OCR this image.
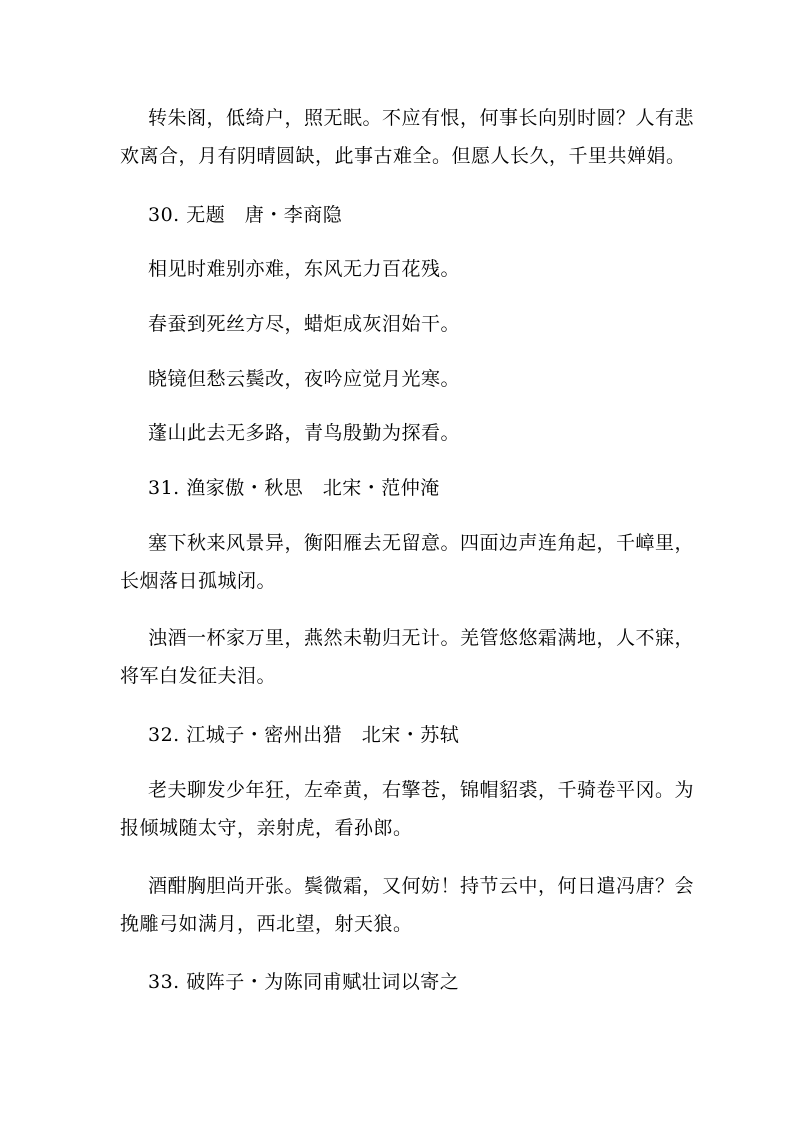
转朱阁，低绮户，照无眠。不应有恨，何事长向别时圆？人有悲
欢离合，月有阴晴圆缺，此事古难全。但愿人长久，千里共婵娟。
30. 无题　唐・李商隐
相见时难别亦难，东风无力百花残。
春蚕到死丝方尽，蜡炬成灰泪始干。
晓镜但愁云鬓改，夜吟应觉月光寒。
蓬山此去无多路，青鸟殷勤为探看。
31. 渔家傲・秋思　北宋・范仲淹
塞下秋来风景异，衡阳雁去无留意。四面边声连角起，千嶂里，
长烟落日孤城闭。
浊酒一杯家万里，燕然未勒归无计。羌管悠悠霜满地，人不寐，
将军白发征夫泪。
32. 江城子・密州出猎　北宋・苏轼
老夫聊发少年狂，左牵黄，右擎苍，锦帽貂裘，千骑卷平冈。为
报倾城随太守，亲射虎，看孙郎。
酒酣胸胆尚开张。鬓微霜，又何妨！持节云中，何日遣冯唐？会
挽雕弓如满月，西北望，射天狼。
33. 破阵子・为陈同甫赋壮词以寄之
